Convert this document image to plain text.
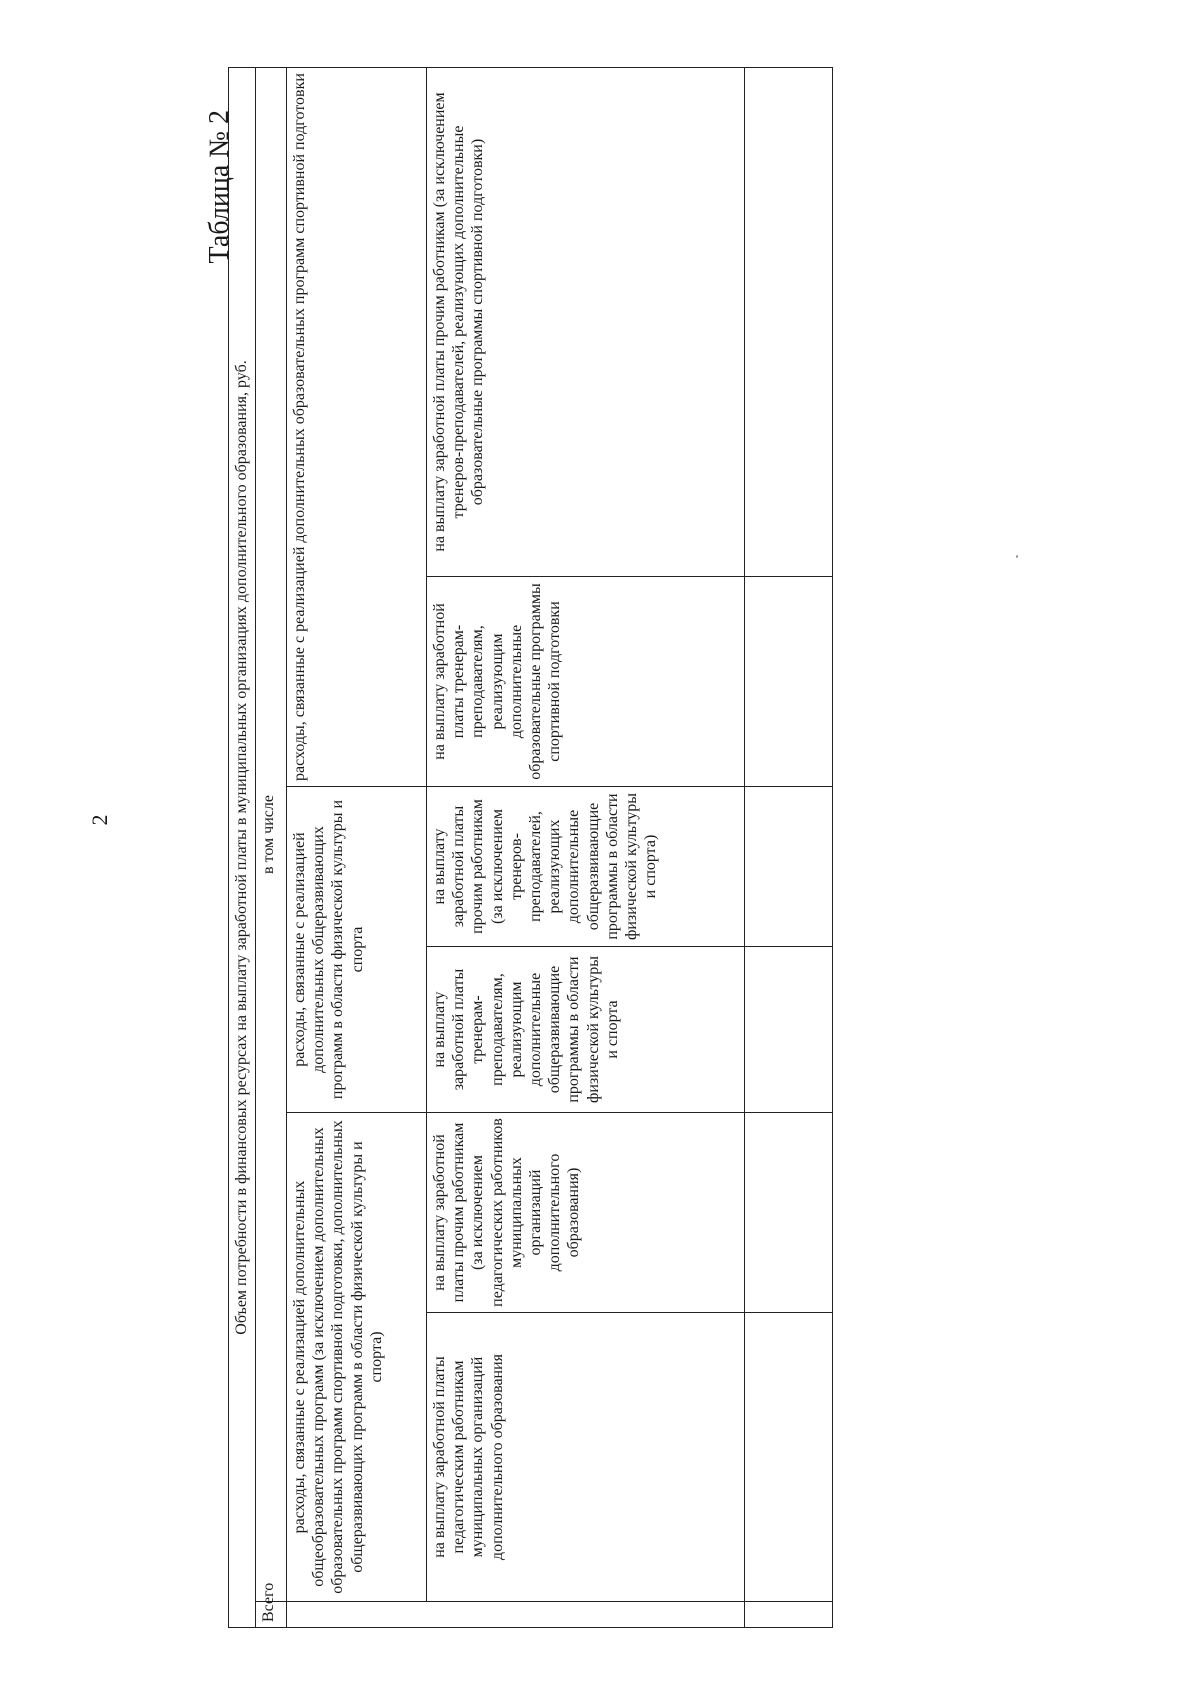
2
Таблица № 2
Объем потребности в финансовых ресурсах на выплату заработной платы в муниципальных организациях дополнительного образования, руб.						
Всего	в том числе					
	расходы, связанные с реализацией дополнительных общеобразовательных программ (за исключением дополнительных образовательных программ спортивной подготовки, дополнительных общеразвивающих программ в области физической культуры и спорта)		расходы, связанные с реализацией дополнительных общеразвивающих программ в области физической культуры и спорта		расходы, связанные с реализацией дополнительных образовательных программ спортивной подготовки	
	на выплату заработной платы педагогическим работникам муниципальных организаций дополнительного образования	на выплату заработной платы прочим работникам (за исключением педагогических работников муниципальных организаций дополнительного образования)	на выплату заработной платы тренерам-преподавателям, реализующим дополнительные общеразвивающие программы в области физической культуры и спорта	на выплату заработной платы прочим работникам (за исключением тренеров-преподавателей, реализующих дополнительные общеразвивающие программы в области физической культуры и спорта)	на выплату заработной платы тренерам-преподавателям, реализующим дополнительные образовательные программы спортивной подготовки	на выплату заработной платы прочим работникам (за исключением тренеров-преподавателей, реализующих дополнительные образовательные программы спортивной подготовки)
